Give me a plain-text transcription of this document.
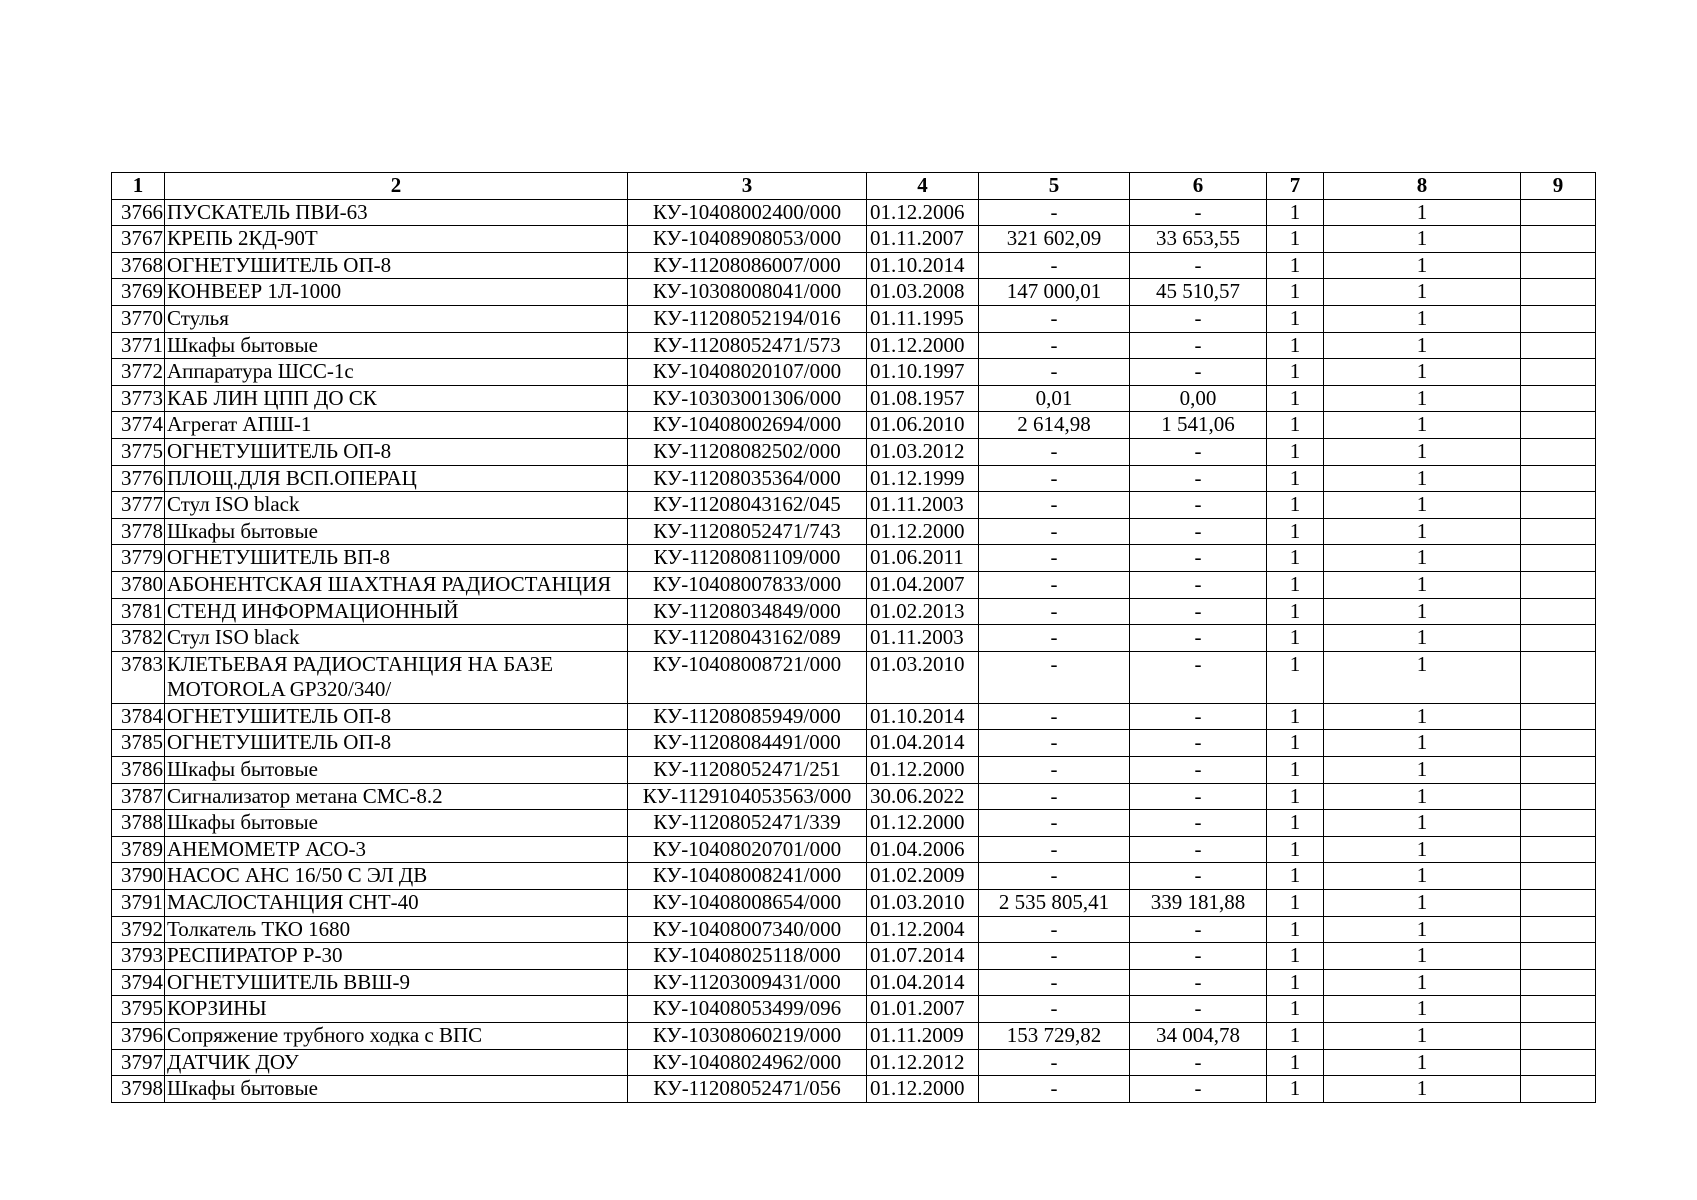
1	2	3	4	5	6	7	8	9
3766	ПУСКАТЕЛЬ ПВИ-63	КУ-10408002400/000	01.12.2006	-	-	1	1	
3767	КРЕПЬ 2КД-90Т	КУ-10408908053/000	01.11.2007	321 602,09	33 653,55	1	1	
3768	ОГНЕТУШИТЕЛЬ ОП-8	КУ-11208086007/000	01.10.2014	-	-	1	1	
3769	КОНВЕЕР 1Л-1000	КУ-10308008041/000	01.03.2008	147 000,01	45 510,57	1	1	
3770	Стулья	КУ-11208052194/016	01.11.1995	-	-	1	1	
3771	Шкафы бытовые	КУ-11208052471/573	01.12.2000	-	-	1	1	
3772	Аппаратура ШСС-1с	КУ-10408020107/000	01.10.1997	-	-	1	1	
3773	КАБ ЛИН ЦПП ДО СК	КУ-10303001306/000	01.08.1957	0,01	0,00	1	1	
3774	Агрегат АПШ-1	КУ-10408002694/000	01.06.2010	2 614,98	1 541,06	1	1	
3775	ОГНЕТУШИТЕЛЬ ОП-8	КУ-11208082502/000	01.03.2012	-	-	1	1	
3776	ПЛОЩ.ДЛЯ ВСП.ОПЕРАЦ	КУ-11208035364/000	01.12.1999	-	-	1	1	
3777	Стул ISO black	КУ-11208043162/045	01.11.2003	-	-	1	1	
3778	Шкафы бытовые	КУ-11208052471/743	01.12.2000	-	-	1	1	
3779	ОГНЕТУШИТЕЛЬ ВП-8	КУ-11208081109/000	01.06.2011	-	-	1	1	
3780	АБОНЕНТСКАЯ ШАХТНАЯ РАДИОСТАНЦИЯ	КУ-10408007833/000	01.04.2007	-	-	1	1	
3781	СТЕНД ИНФОРМАЦИОННЫЙ	КУ-11208034849/000	01.02.2013	-	-	1	1	
3782	Стул ISO black	КУ-11208043162/089	01.11.2003	-	-	1	1	
3783	КЛЕТЬЕВАЯ РАДИОСТАНЦИЯ НА БАЗЕ MOTOROLA GP320/340/	КУ-10408008721/000	01.03.2010	-	-	1	1	
3784	ОГНЕТУШИТЕЛЬ ОП-8	КУ-11208085949/000	01.10.2014	-	-	1	1	
3785	ОГНЕТУШИТЕЛЬ ОП-8	КУ-11208084491/000	01.04.2014	-	-	1	1	
3786	Шкафы бытовые	КУ-11208052471/251	01.12.2000	-	-	1	1	
3787	Сигнализатор метана СМС-8.2	КУ-1129104053563/000	30.06.2022	-	-	1	1	
3788	Шкафы бытовые	КУ-11208052471/339	01.12.2000	-	-	1	1	
3789	АНЕМОМЕТР АСО-3	КУ-10408020701/000	01.04.2006	-	-	1	1	
3790	НАСОС АНС 16/50 С ЭЛ ДВ	КУ-10408008241/000	01.02.2009	-	-	1	1	
3791	МАСЛОСТАНЦИЯ СНТ-40	КУ-10408008654/000	01.03.2010	2 535 805,41	339 181,88	1	1	
3792	Толкатель ТКО 1680	КУ-10408007340/000	01.12.2004	-	-	1	1	
3793	РЕСПИРАТОР Р-30	КУ-10408025118/000	01.07.2014	-	-	1	1	
3794	ОГНЕТУШИТЕЛЬ ВВШ-9	КУ-11203009431/000	01.04.2014	-	-	1	1	
3795	КОРЗИНЫ	КУ-10408053499/096	01.01.2007	-	-	1	1	
3796	Сопряжение трубного ходка с ВПС	КУ-10308060219/000	01.11.2009	153 729,82	34 004,78	1	1	
3797	ДАТЧИК ДОУ	КУ-10408024962/000	01.12.2012	-	-	1	1	
3798	Шкафы бытовые	КУ-11208052471/056	01.12.2000	-	-	1	1	
